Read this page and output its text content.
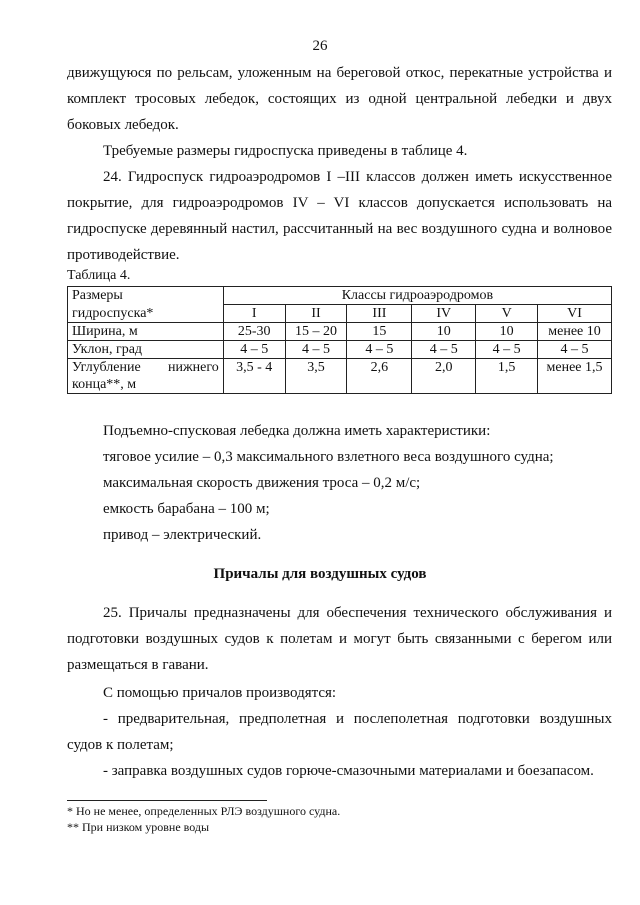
26

движущуюся по рельсам, уложенным на береговой откос, перекатные устройства и комплект тросовых лебедок, состоящих из одной центральной лебедки и двух боковых лебедок.

Требуемые размеры гидроспуска приведены в таблице 4.

24. Гидроспуск гидроаэродромов I –III классов должен иметь искусственное покрытие, для гидроаэродромов IV – VI классов допускается использовать на гидроспуске деревянный настил, рассчитанный на вес воздушного судна и волновое противодействие.

Таблица 4.
Размеры	Классы гидроаэродромов					
гидроспуска*	I	II	III	IV	V	VI
Ширина, м	25-30	15 – 20	15	10	10	менее 10
Уклон, град	4 – 5	4 – 5	4 – 5	4 – 5	4 – 5	4 – 5

Углубление нижнего
конца**, м	3,5 - 4	3,5	2,6	2,0	1,5	менее 1,5

Подъемно-спусковая лебедка должна иметь характеристики:

тяговое усилие – 0,3 максимального взлетного веса воздушного судна;

максимальная скорость движения троса – 0,2 м/с;

емкость барабана – 100 м;

привод – электрический.

Причалы для воздушных судов

25. Причалы предназначены для обеспечения технического обслуживания и подготовки воздушных судов к полетам и могут быть связанными с берегом или размещаться в гавани.

С помощью причалов производятся:

- предварительная, предполетная и послеполетная подготовки воздушных судов к полетам;

- заправка воздушных судов горюче-смазочными материалами и боезапасом.

* Но не менее, определенных РЛЭ воздушного судна.
** При низком уровне воды
